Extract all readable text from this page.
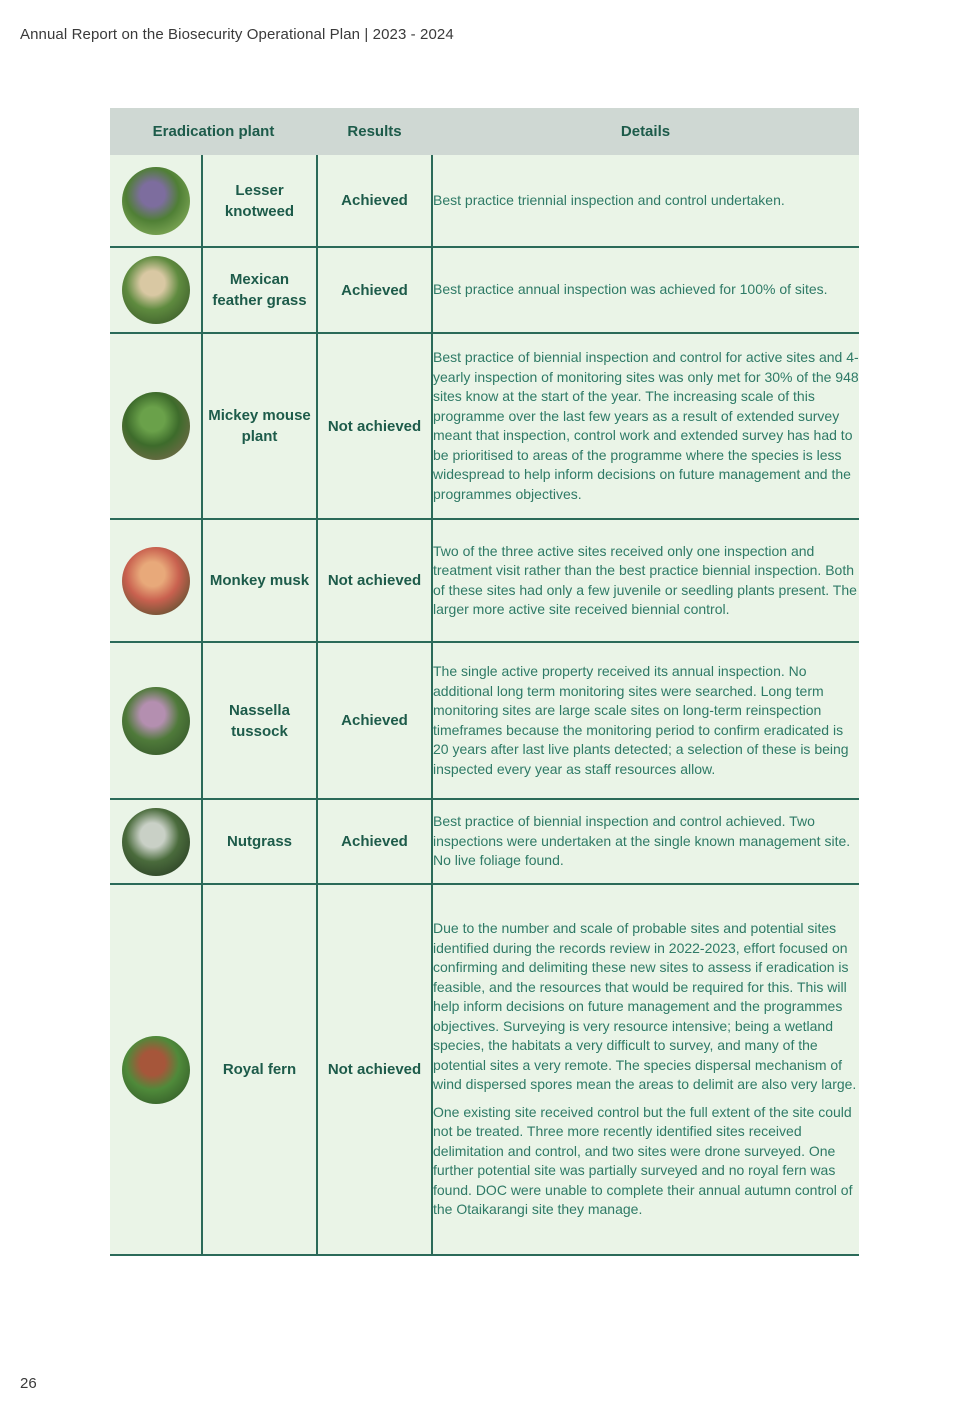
Annual Report on the Biosecurity Operational Plan | 2023 - 2024
Eradication plant		Results	Details
	Lesser knotweed	Achieved	Best practice triennial inspection and control undertaken.

	Mexican feather grass	Achieved	Best practice annual inspection was achieved for 100% of sites.

	Mickey mouse plant	Not achieved	Best practice of biennial inspection and control for active sites and 4-yearly inspection of monitoring sites was only met for 30% of the 948 sites know at the start of the year. The increasing scale of this programme over the last few years as a result of extended survey meant that inspection, control work and extended survey has had to be prioritised to areas of the programme where the species is less widespread to help inform decisions on future management and the programmes objectives.

	Monkey musk	Not achieved	Two of the three active sites received only one inspection and treatment visit rather than the best practice biennial inspection. Both of these sites had only a few juvenile or seedling plants present. The larger more active site received biennial control.

	Nassella tussock	Achieved	The single active property received its annual inspection. No additional long term monitoring sites were searched. Long term monitoring sites are large scale sites on long-term reinspection timeframes because the monitoring period to confirm eradicated is 20 years after last live plants detected; a selection of these is being inspected every year as staff resources allow.

	Nutgrass	Achieved	Best practice of biennial inspection and control achieved. Two inspections were undertaken at the single known management site. No live foliage found.

	Royal fern	Not achieved	Due to the number and scale of probable sites and potential sites identified during the records review in 2022-2023, effort focused on confirming and delimiting these new sites to assess if eradication is feasible, and the resources that would be required for this. This will help inform decisions on future management and the programmes objectives. Surveying is very resource intensive; being a wetland species, the habitats a very difficult to survey, and many of the potential sites a very remote. The species dispersal mechanism of wind dispersed spores mean the areas to delimit are also very large.

One existing site received control but the full extent of the site could not be treated. Three more recently identified sites received delimitation and control, and two sites were drone surveyed. One further potential site was partially surveyed and no royal fern was found. DOC were unable to complete their annual autumn control of the Otaikarangi site they manage.

26
